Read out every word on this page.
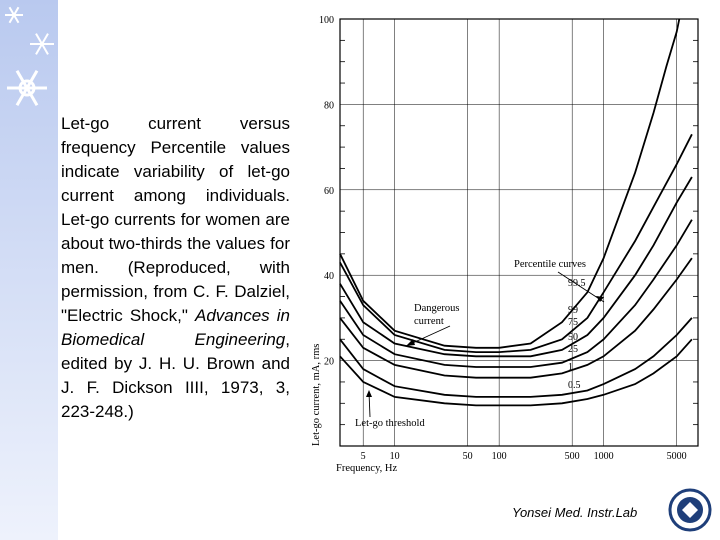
Let-go current versus frequency Percentile values indicate variability of let-go current among individuals. Let-go currents for women are about two-thirds the values for men. (Reproduced, with permission, from C. F. Dalziel, "Electric Shock," Advances in Biomedical Engineering, edited by J. H. U. Brown and J. F. Dickson IIII, 1973, 3, 223-248.)

20
40
60
80
100
5 10	50 100	500 1000	5000
Frequency, Hz
Let-go current, mA, rms
99.5
99
75
50
25
1
0.5
Percentile curves
Dangerous
current
Let-go threshold
Yonsei Med. Instr.Lab
